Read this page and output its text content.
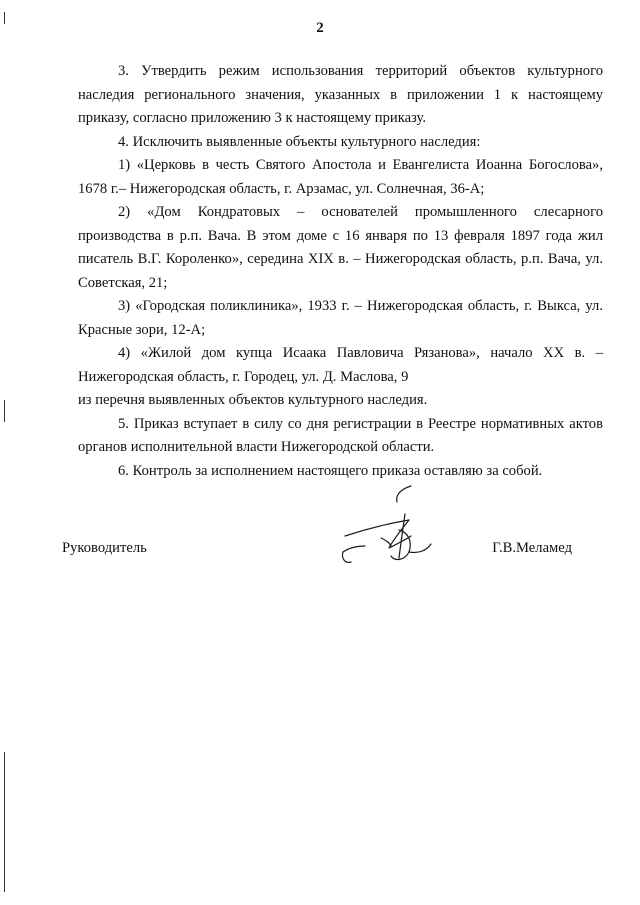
2

3. Утвердить режим использования территорий объектов культурного наследия регионального значения, указанных в приложении 1 к настоящему приказу, согласно приложению 3 к настоящему приказу.

4. Исключить выявленные объекты культурного наследия:

1) «Церковь в честь Святого Апостола и Евангелиста Иоанна Богослова», 1678 г.– Нижегородская область, г. Арзамас, ул. Солнечная, 36-А;

2) «Дом Кондратовых – основателей промышленного слесарного производства в р.п. Вача. В этом доме с 16 января по 13 февраля 1897 года жил писатель В.Г. Короленко», середина XIX в. – Нижегородская область, р.п. Вача, ул. Советская, 21;

3) «Городская поликлиника», 1933 г. – Нижегородская область, г. Выкса, ул. Красные зори, 12-А;

4) «Жилой дом купца Исаака Павловича Рязанова», начало XX в. – Нижегородская область, г. Городец, ул. Д. Маслова, 9

из перечня выявленных объектов культурного наследия.

5. Приказ вступает в силу со дня регистрации в Реестре нормативных актов органов исполнительной власти Нижегородской области.

6. Контроль за исполнением настоящего приказа оставляю за собой.

Руководитель	Г.В.Меламед
